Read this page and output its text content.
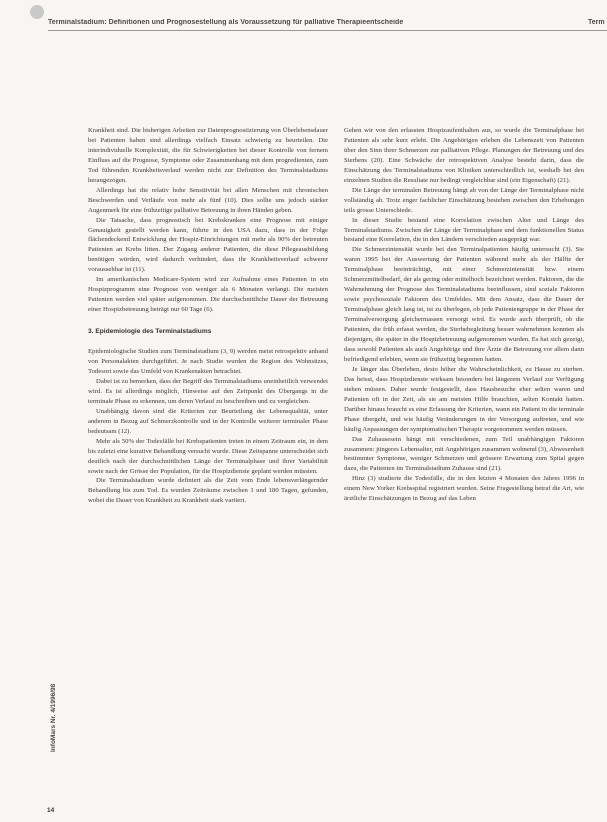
Terminalstadium: Definitionen und Prognosestellung als Voraussetzung für palliative Therapieentscheide	Term

Krankheit sind. Die bisherigen Arbeiten zur Datenprognostizierung von Überlebensdauer bei Patienten haben sind allerdings vielfach Einsatz schwierig zu beurteilen. Die interindividuelle Komplexität, die für Schwierigkeiten bei dieser Kontrolle von fernem Einfluss auf die Prognose, Symptome oder Zusammenhang mit dem progredienten, zum Tod führenden Krankheitsverlauf werden nicht zur Definition des Terminalstadiums herangezogen.

Allerdings hat die relativ hohe Sensitivität bei allen Menschen mit chronischen Beschwerden und Verläufe von mehr als fünf (10). Dies sollte uns jedoch stärker Augenmerk für eine frühzeitige palliative Betreuung in ihren Händen geben.

Die Tatsache, dass prognostisch bei Krebskranken eine Prognose mit einiger Genauigkeit gestellt werden kann, führte in den USA dazu, dass in der Folge flächendeckend Entwicklung der Hospiz-Einrichtungen mit mehr als 90% der betreuten Patienten an Krebs litten. Der Zugang anderer Patienten, die diese Pflegeausbildung benötigen würden, wird dadurch verhindert, dass ihr Krankheitsverlauf schwerer voraussehbar ist (11).

Im amerikanischen Medicare-System wird zur Aufnahme eines Patienten in ein Hospizprogramm eine Prognose von weniger als 6 Monaten verlangt. Die meisten Patienten werden viel später aufgenommen. Die durchschnittliche Dauer der Betreuung einer Hospizbetreuung beträgt nur 60 Tage (6).

3. Epidemiologie des Terminalstadiums

Epidemiologische Studien zum Terminalstadium (3, 9) werden meist retrospektiv anhand von Personalakten durchgeführt. Je nach Studie wurden die Region des Wohnsitzes, Todesort sowie das Umfeld von Krankenakten betrachtet.

Dabei ist zu bemerken, dass der Begriff des Terminalstadiums uneinheitlich verwendet wird. Es ist allerdings möglich, Hinweise auf den Zeitpunkt des Übergangs in die terminale Phase zu erkennen, um deren Verlauf zu beschreiben und zu vergleichen.

Unabhängig davon sind die Kriterien zur Beurteilung der Lebensqualität, unter anderem in Bezug auf Schmerzkontrolle und in der Kontrolle weiterer terminaler Phase bedeutsam (12).

Mehr als 50% der Todesfälle bei Krebspatienten treten in einem Zeitraum ein, in dem bis zuletzt eine kurative Behandlung versucht wurde. Diese Zeitspanne unterscheidet sich deutlich nach der durchschnittlichen Länge der Terminalphase und ihrer Variabilität sowie nach der Grösse der Population, für die Hospizdienste geplant werden müssten.

Die Terminalstadium wurde definiert als die Zeit vom Ende lebensverlängernder Behandlung bis zum Tod. Es wurden Zeiträume zwischen 1 und 180 Tagen, gefunden, wobei die Dauer von Krankheit zu Krankheit stark variiert.

Gehen wir von den erfassten Hospizaufenthalten aus, so wurde die Terminalphase bei Patienten als sehr kurz erlebt. Die Angehörigen erleben die Lebenszeit von Patienten über den Sinn ihrer Schmerzen zur palliativen Pflege. Planungen der Betreuung und des Sterbens (20). Eine Schwäche der retrospektiven Analyse besteht darin, dass die Einschätzung des Terminalstadiums von Kliniken unterschiedlich ist, weshalb bei den einzelnen Studien die Resultate nur bedingt vergleichbar sind (ein Eigenschaft) (21).

Die Länge der terminalen Betreuung hängt ab von der Länge der Terminalphase nicht vollständig ab. Trotz enger fachlicher Einschätzung bestehen zwischen den Erhebungen teils grosse Unterschiede.

In dieser Studie bestand eine Korrelation zwischen Alter und Länge des Terminalstadiums. Zwischen der Länge der Terminalphase und dem funktionellen Status bestand eine Korrelation, die in den Ländern verschieden ausgeprägt war.

Die Schmerzintensität wurde bei den Terminalpatienten häufig untersucht (3). Sie waren 1995 bei der Auswertung der Patienten während mehr als der Hälfte der Terminalphase beeinträchtigt, mit einer Schmerzintensität bzw. einem Schmerzmittelbedarf, der als gering oder mittelhoch bezeichnet werden. Faktoren, die die Wahrnehmung der Prognose des Terminalstadiums beeinflussen, sind soziale Faktoren sowie psychosoziale Faktoren des Umfeldes. Mit dem Ansatz, dass die Dauer der Terminalphase gleich lang ist, ist zu überlegen, ob jede Patientengruppe in der Phase der Terminalversorgung gleichermassen versorgt wird. Es wurde auch überprüft, ob die Patienten, die früh erfasst werden, die Sterbebegleitung besser wahrnehmen konnten als diejenigen, die später in die Hospizbetreuung aufgenommen wurden. Es hat sich gezeigt, dass sowohl Patienten als auch Angehörige und ihre Ärzte die Betreuung vor allem dann befriedigend erlebten, wenn sie frühzeitig begonnen hatten.

Je länger das Überleben, desto höher die Wahrscheinlichkeit, zu Hause zu sterben. Das heisst, dass Hospizdienste wirksam besonders bei längerem Verlauf zur Verfügung stehen müssen. Daher wurde festgestellt, dass Hausbesuche eher selten waren und Patienten oft in der Zeit, als sie am meisten Hilfe brauchten, selten Kontakt hatten. Darüber hinaus braucht es eine Erfassung der Kriterien, wann ein Patient in die terminale Phase übergeht, und wie häufig Veränderungen in der Versorgung auftreten, und wie häufig Anpassungen der symptomatischen Therapie vorgenommen werden müssen.

Das Zuhausesein hängt mit verschiedenen, zum Teil unabhängigen Faktoren zusammen: jüngeres Lebensalter, mit Angehörigen zusammen wohnend (3), Abwesenheit bestimmter Symptome, weniger Schmerzen und grössere Erwartung zum Spital gegen dazu, die Patienten im Terminalstadium Zuhause sind (21).

Hinz (3) studierte die Todesfälle, die in den letzten 4 Monaten des Jahres 1996 in einem New Yorker Krebsspital registriert wurden. Seine Fragestellung betraf die Art, wie ärztliche Einschätzungen in Bezug auf das Leben

InfoMars Nr. 4/1996/98
14
